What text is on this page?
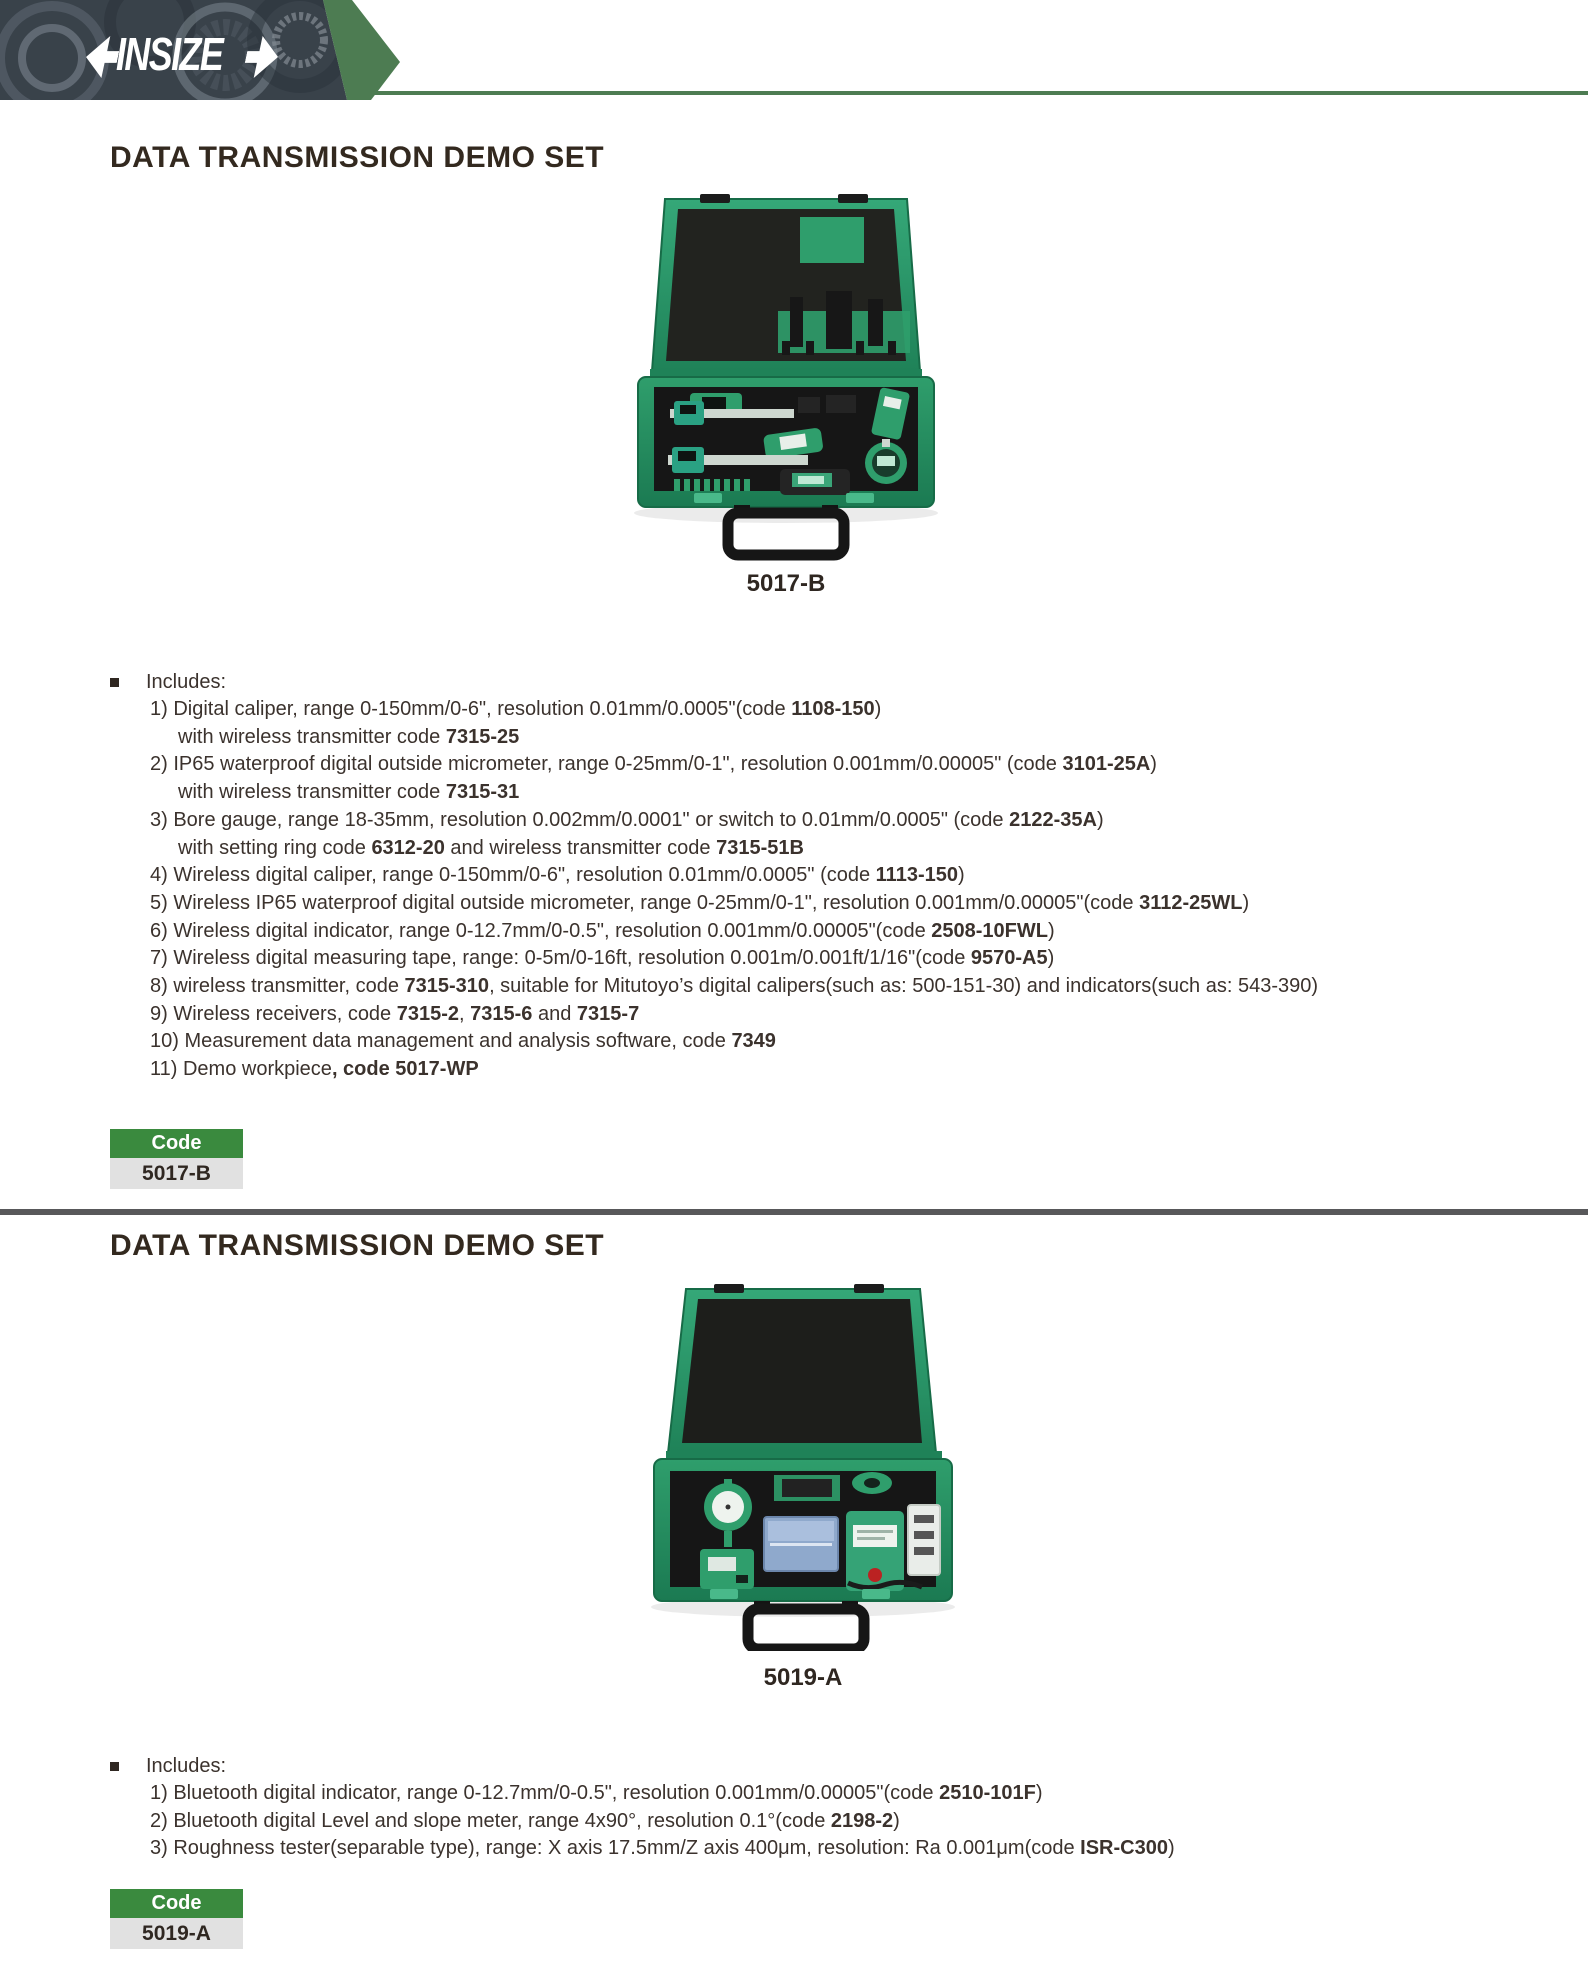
INSIZE
DATA TRANSMISSION DEMO SET
5017-B
Includes:
1) Digital caliper, range 0-150mm/0-6", resolution 0.01mm/0.0005"(code 1108-150)
with wireless transmitter code 7315-25
2) IP65 waterproof digital outside micrometer, range 0-25mm/0-1", resolution 0.001mm/0.00005" (code 3101-25A)
with wireless transmitter code 7315-31
3) Bore gauge, range 18-35mm, resolution 0.002mm/0.0001" or switch to 0.01mm/0.0005" (code 2122-35A)
with setting ring code 6312-20 and wireless transmitter code 7315-51B
4) Wireless digital caliper, range 0-150mm/0-6", resolution 0.01mm/0.0005" (code 1113-150)
5) Wireless IP65 waterproof digital outside micrometer, range 0-25mm/0-1", resolution 0.001mm/0.00005"(code 3112-25WL)
6) Wireless digital indicator, range 0-12.7mm/0-0.5", resolution 0.001mm/0.00005"(code 2508-10FWL)
7) Wireless digital measuring tape, range: 0-5m/0-16ft, resolution 0.001m/0.001ft/1/16"(code 9570-A5)
8) wireless transmitter, code 7315-310, suitable for Mitutoyo’s digital calipers(such as: 500-151-30) and indicators(such as: 543-390)
9) Wireless receivers, code 7315-2, 7315-6 and 7315-7
10) Measurement data management and analysis software, code 7349
11) Demo workpiece, code 5017-WP
Code
5017-B
DATA TRANSMISSION DEMO SET
5019-A
Includes:
1) Bluetooth digital indicator, range 0-12.7mm/0-0.5", resolution 0.001mm/0.00005"(code 2510-101F)
2) Bluetooth digital Level and slope meter, range 4x90°, resolution 0.1°(code 2198-2)
3) Roughness tester(separable type), range: X axis 17.5mm/Z axis 400μm, resolution: Ra 0.001μm(code ISR-C300)
Code
5019-A
